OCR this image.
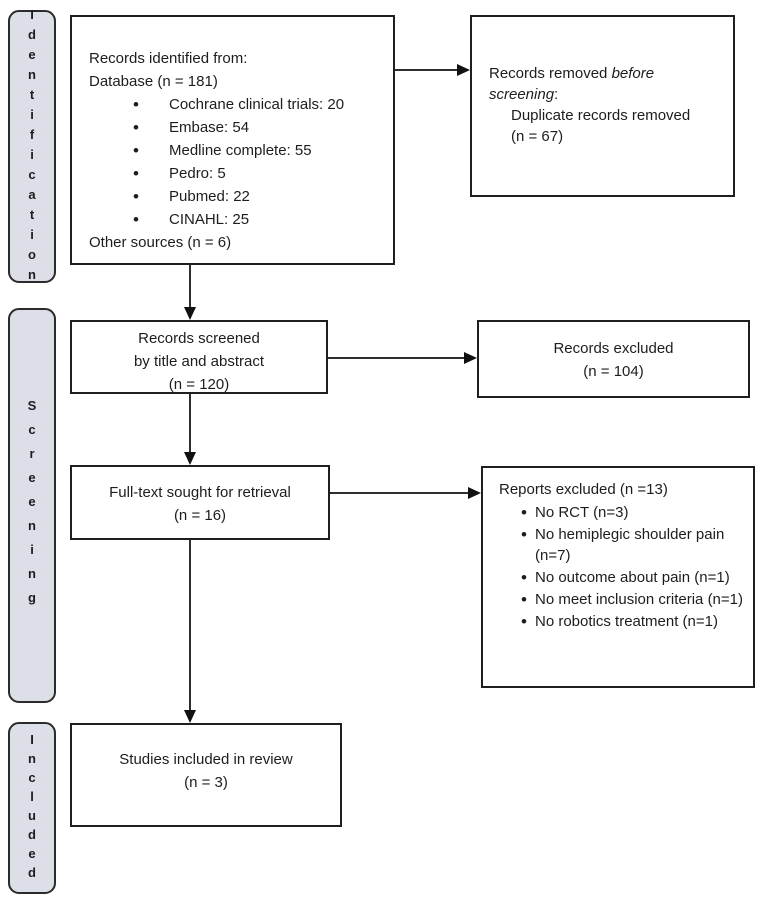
Identification
Screening
Included
Records identified from:
Database (n = 181)
• Cochrane clinical trials: 20
• Embase: 54
• Medline complete: 55
• Pedro: 5
• Pubmed: 22
• CINAHL: 25
Other sources (n = 6)
Records removed before
screening:
Duplicate records removed
(n = 67)
Records screened
by title and abstract
(n = 120)
Records excluded
(n = 104)
Full-text sought for retrieval
(n = 16)
Reports excluded (n =13)
• No RCT (n=3)
• No hemiplegic shoulder pain (n=7)
• No outcome about pain (n=1)
• No meet inclusion criteria (n=1)
• No robotics treatment (n=1)
Studies included in review
(n = 3)
